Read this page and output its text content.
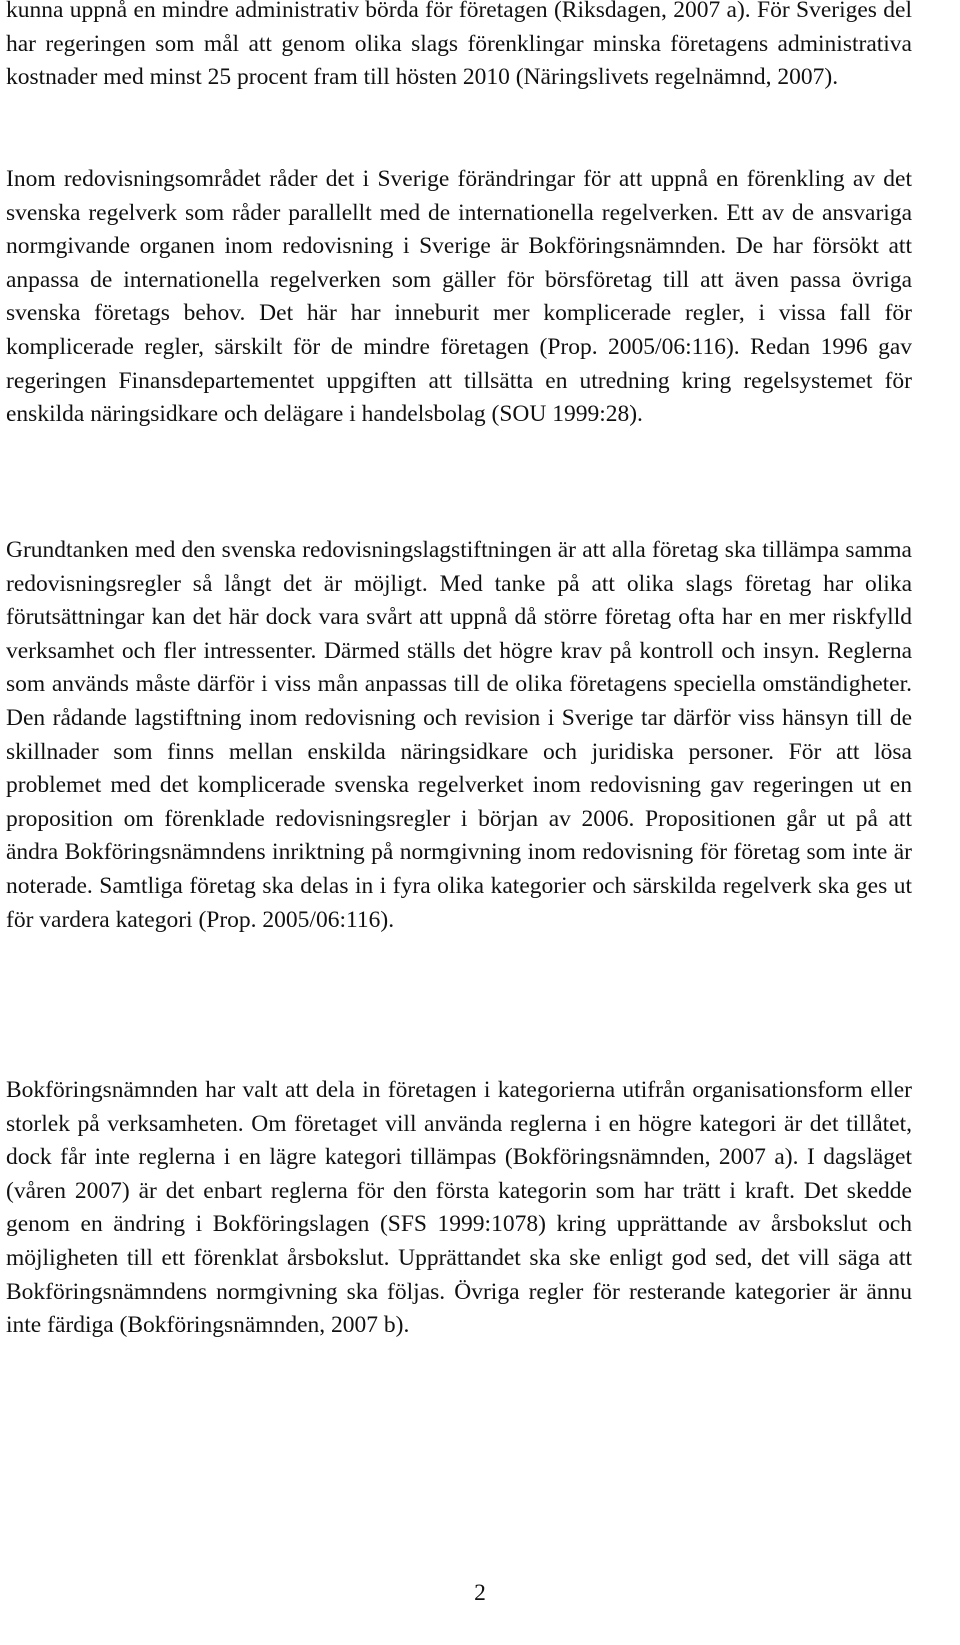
kunna uppnå en mindre administrativ börda för företagen (Riksdagen, 2007 a). För Sveriges del har regeringen som mål att genom olika slags förenklingar minska företagens administrativa kostnader med minst 25 procent fram till hösten 2010 (Näringslivets regelnämnd, 2007).

Inom redovisningsområdet råder det i Sverige förändringar för att uppnå en förenkling av det svenska regelverk som råder parallellt med de internationella regelverken. Ett av de ansvariga normgivande organen inom redovisning i Sverige är Bokföringsnämnden. De har försökt att anpassa de internationella regelverken som gäller för börsföretag till att även passa övriga svenska företags behov. Det här har inneburit mer komplicerade regler, i vissa fall för komplicerade regler, särskilt för de mindre företagen (Prop. 2005/06:116). Redan 1996 gav regeringen Finansdepartementet uppgiften att tillsätta en utredning kring regelsystemet för enskilda näringsidkare och delägare i handelsbolag (SOU 1999:28).

Grundtanken med den svenska redovisningslagstiftningen är att alla företag ska tillämpa samma redovisningsregler så långt det är möjligt. Med tanke på att olika slags företag har olika förutsättningar kan det här dock vara svårt att uppnå då större företag ofta har en mer riskfylld verksamhet och fler intressenter. Därmed ställs det högre krav på kontroll och insyn. Reglerna som används måste därför i viss mån anpassas till de olika företagens speciella omständigheter. Den rådande lagstiftning inom redovisning och revision i Sverige tar därför viss hänsyn till de skillnader som finns mellan enskilda näringsidkare och juridiska personer. För att lösa problemet med det komplicerade svenska regelverket inom redovisning gav regeringen ut en proposition om förenklade redovisningsregler i början av 2006. Propositionen går ut på att ändra Bokföringsnämndens inriktning på normgivning inom redovisning för företag som inte är noterade. Samtliga företag ska delas in i fyra olika kategorier och särskilda regelverk ska ges ut för vardera kategori (Prop. 2005/06:116).

Bokföringsnämnden har valt att dela in företagen i kategorierna utifrån organisationsform eller storlek på verksamheten. Om företaget vill använda reglerna i en högre kategori är det tillåtet, dock får inte reglerna i en lägre kategori tillämpas (Bokföringsnämnden, 2007 a). I dagsläget (våren 2007) är det enbart reglerna för den första kategorin som har trätt i kraft. Det skedde genom en ändring i Bokföringslagen (SFS 1999:1078) kring upprättande av årsbokslut och möjligheten till ett förenklat årsbokslut. Upprättandet ska ske enligt god sed, det vill säga att Bokföringsnämndens normgivning ska följas. Övriga regler för resterande kategorier är ännu inte färdiga (Bokföringsnämnden, 2007 b).

2
